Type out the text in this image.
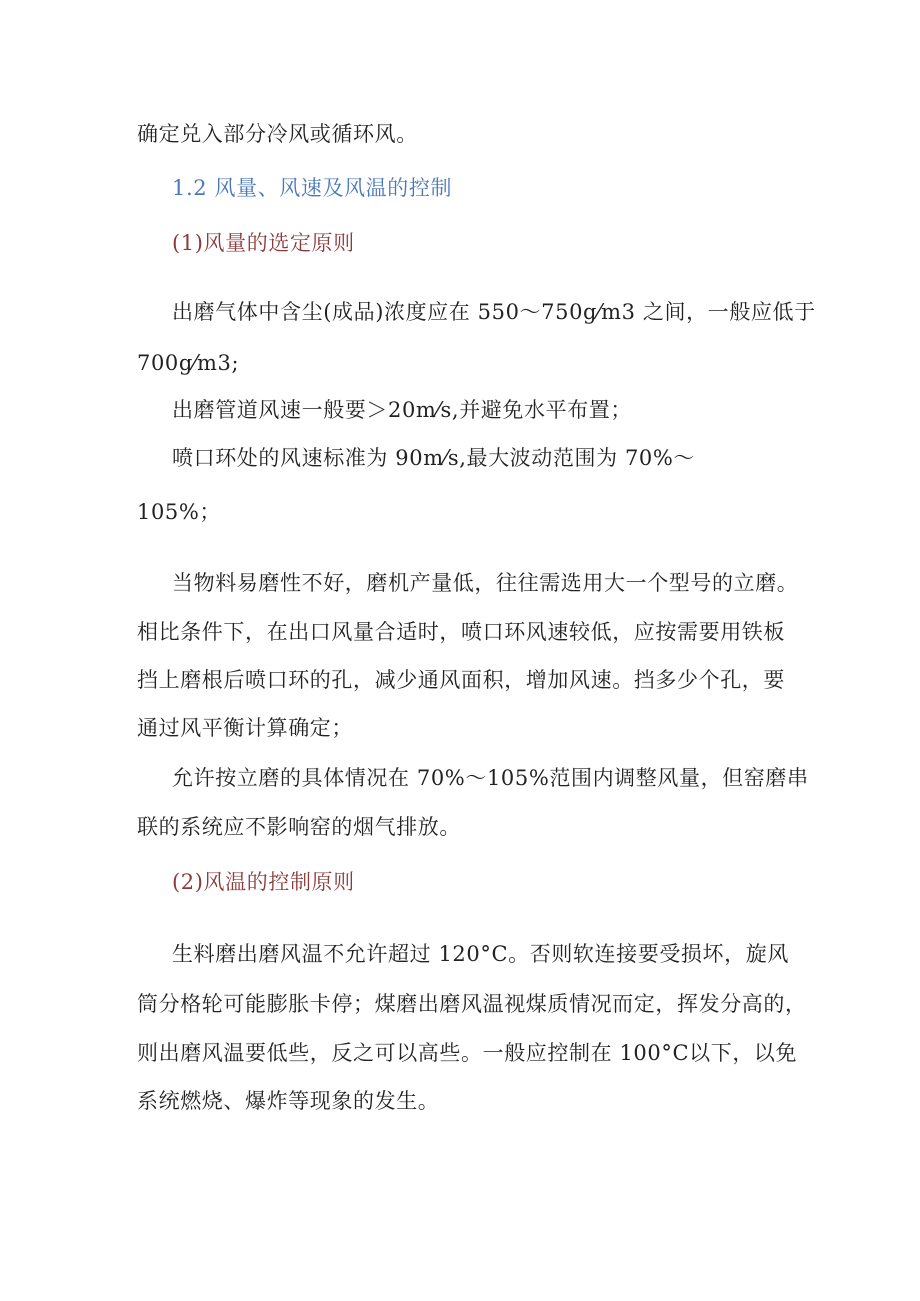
确定兑入部分冷风或循环风。
1.2 风量、风速及风温的控制
(1)风量的选定原则
出磨气体中含尘(成品)浓度应在 550～750g⁄m3 之间，一般应低于
700g⁄m3;
出磨管道风速一般要＞20m⁄s,并避免水平布置；
喷口环处的风速标准为 90m⁄s,最大波动范围为 70%～
105%；
当物料易磨性不好，磨机产量低，往往需选用大一个型号的立磨。
相比条件下，在出口风量合适时，喷口环风速较低，应按需要用铁板
挡上磨根后喷口环的孔，减少通风面积，增加风速。挡多少个孔，要
通过风平衡计算确定；
允许按立磨的具体情况在 70%～105%范围内调整风量，但窑磨串
联的系统应不影响窑的烟气排放。
(2)风温的控制原则
生料磨出磨风温不允许超过 120°C。否则软连接要受损坏，旋风
筒分格轮可能膨胀卡停；煤磨出磨风温视煤质情况而定，挥发分高的，
则出磨风温要低些，反之可以高些。一般应控制在 100°C以下，以免
系统燃烧、爆炸等现象的发生。
